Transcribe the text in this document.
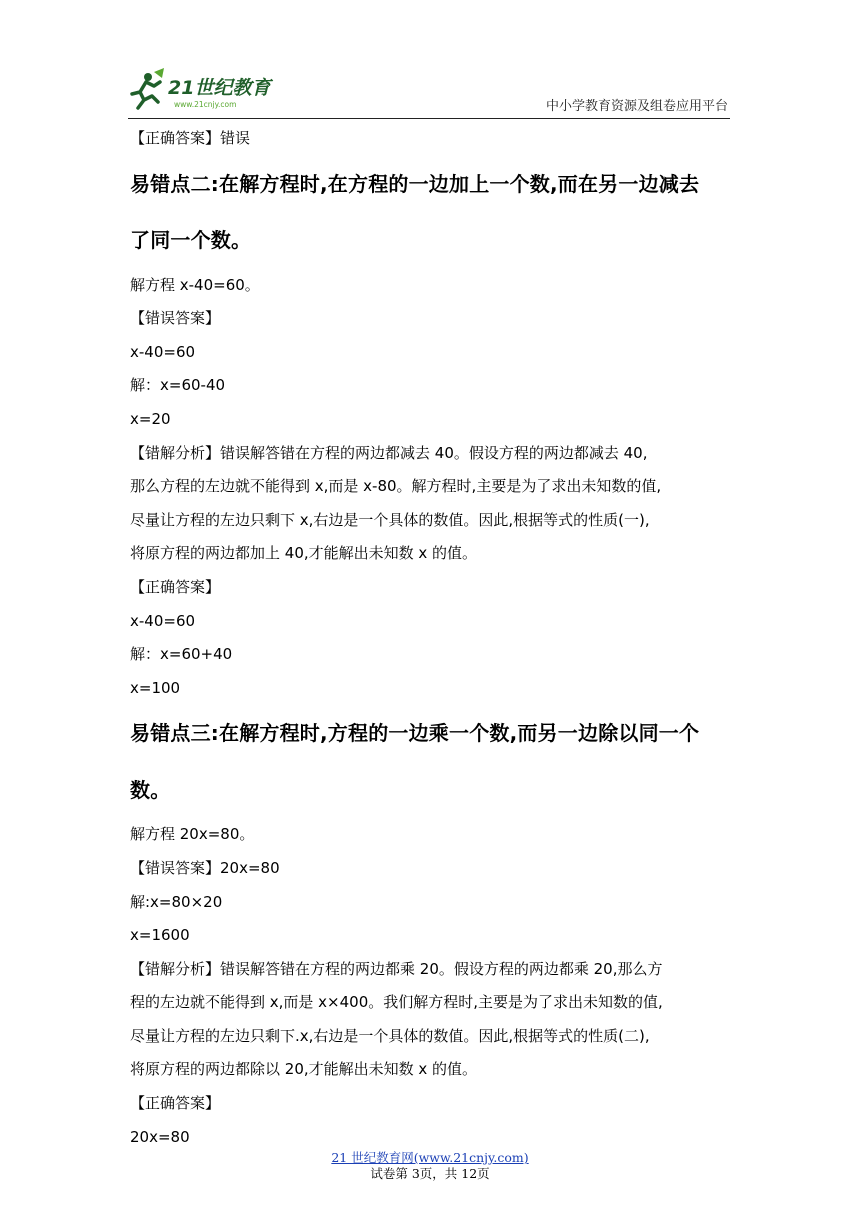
21世纪教育
www.21cnjy.com	中小学教育资源及组卷应用平台
【正确答案】错误
易错点二:在解方程时,在方程的一边加上一个数,而在另一边减去
了同一个数。
解方程 x-40=60。
【错误答案】
x-40=60
解：x=60-40
x=20
【错解分析】错误解答错在方程的两边都减去 40。假设方程的两边都减去 40,
那么方程的左边就不能得到 x,而是 x-80。解方程时,主要是为了求出未知数的值,
尽量让方程的左边只剩下 x,右边是一个具体的数值。因此,根据等式的性质(一),
将原方程的两边都加上 40,才能解出未知数 x 的值。
【正确答案】
x-40=60
解：x=60+40
x=100
易错点三:在解方程时,方程的一边乘一个数,而另一边除以同一个
数。
解方程 20x=80。
【错误答案】20x=80
解:x=80×20
x=1600
【错解分析】错误解答错在方程的两边都乘 20。假设方程的两边都乘 20,那么方
程的左边就不能得到 x,而是 x×400。我们解方程时,主要是为了求出未知数的值,
尽量让方程的左边只剩下.x,右边是一个具体的数值。因此,根据等式的性质(二),
将原方程的两边都除以 20,才能解出未知数 x 的值。
【正确答案】
20x=80
21 世纪教育网(www.21cnjy.com)
试卷第 3页，共 12页
